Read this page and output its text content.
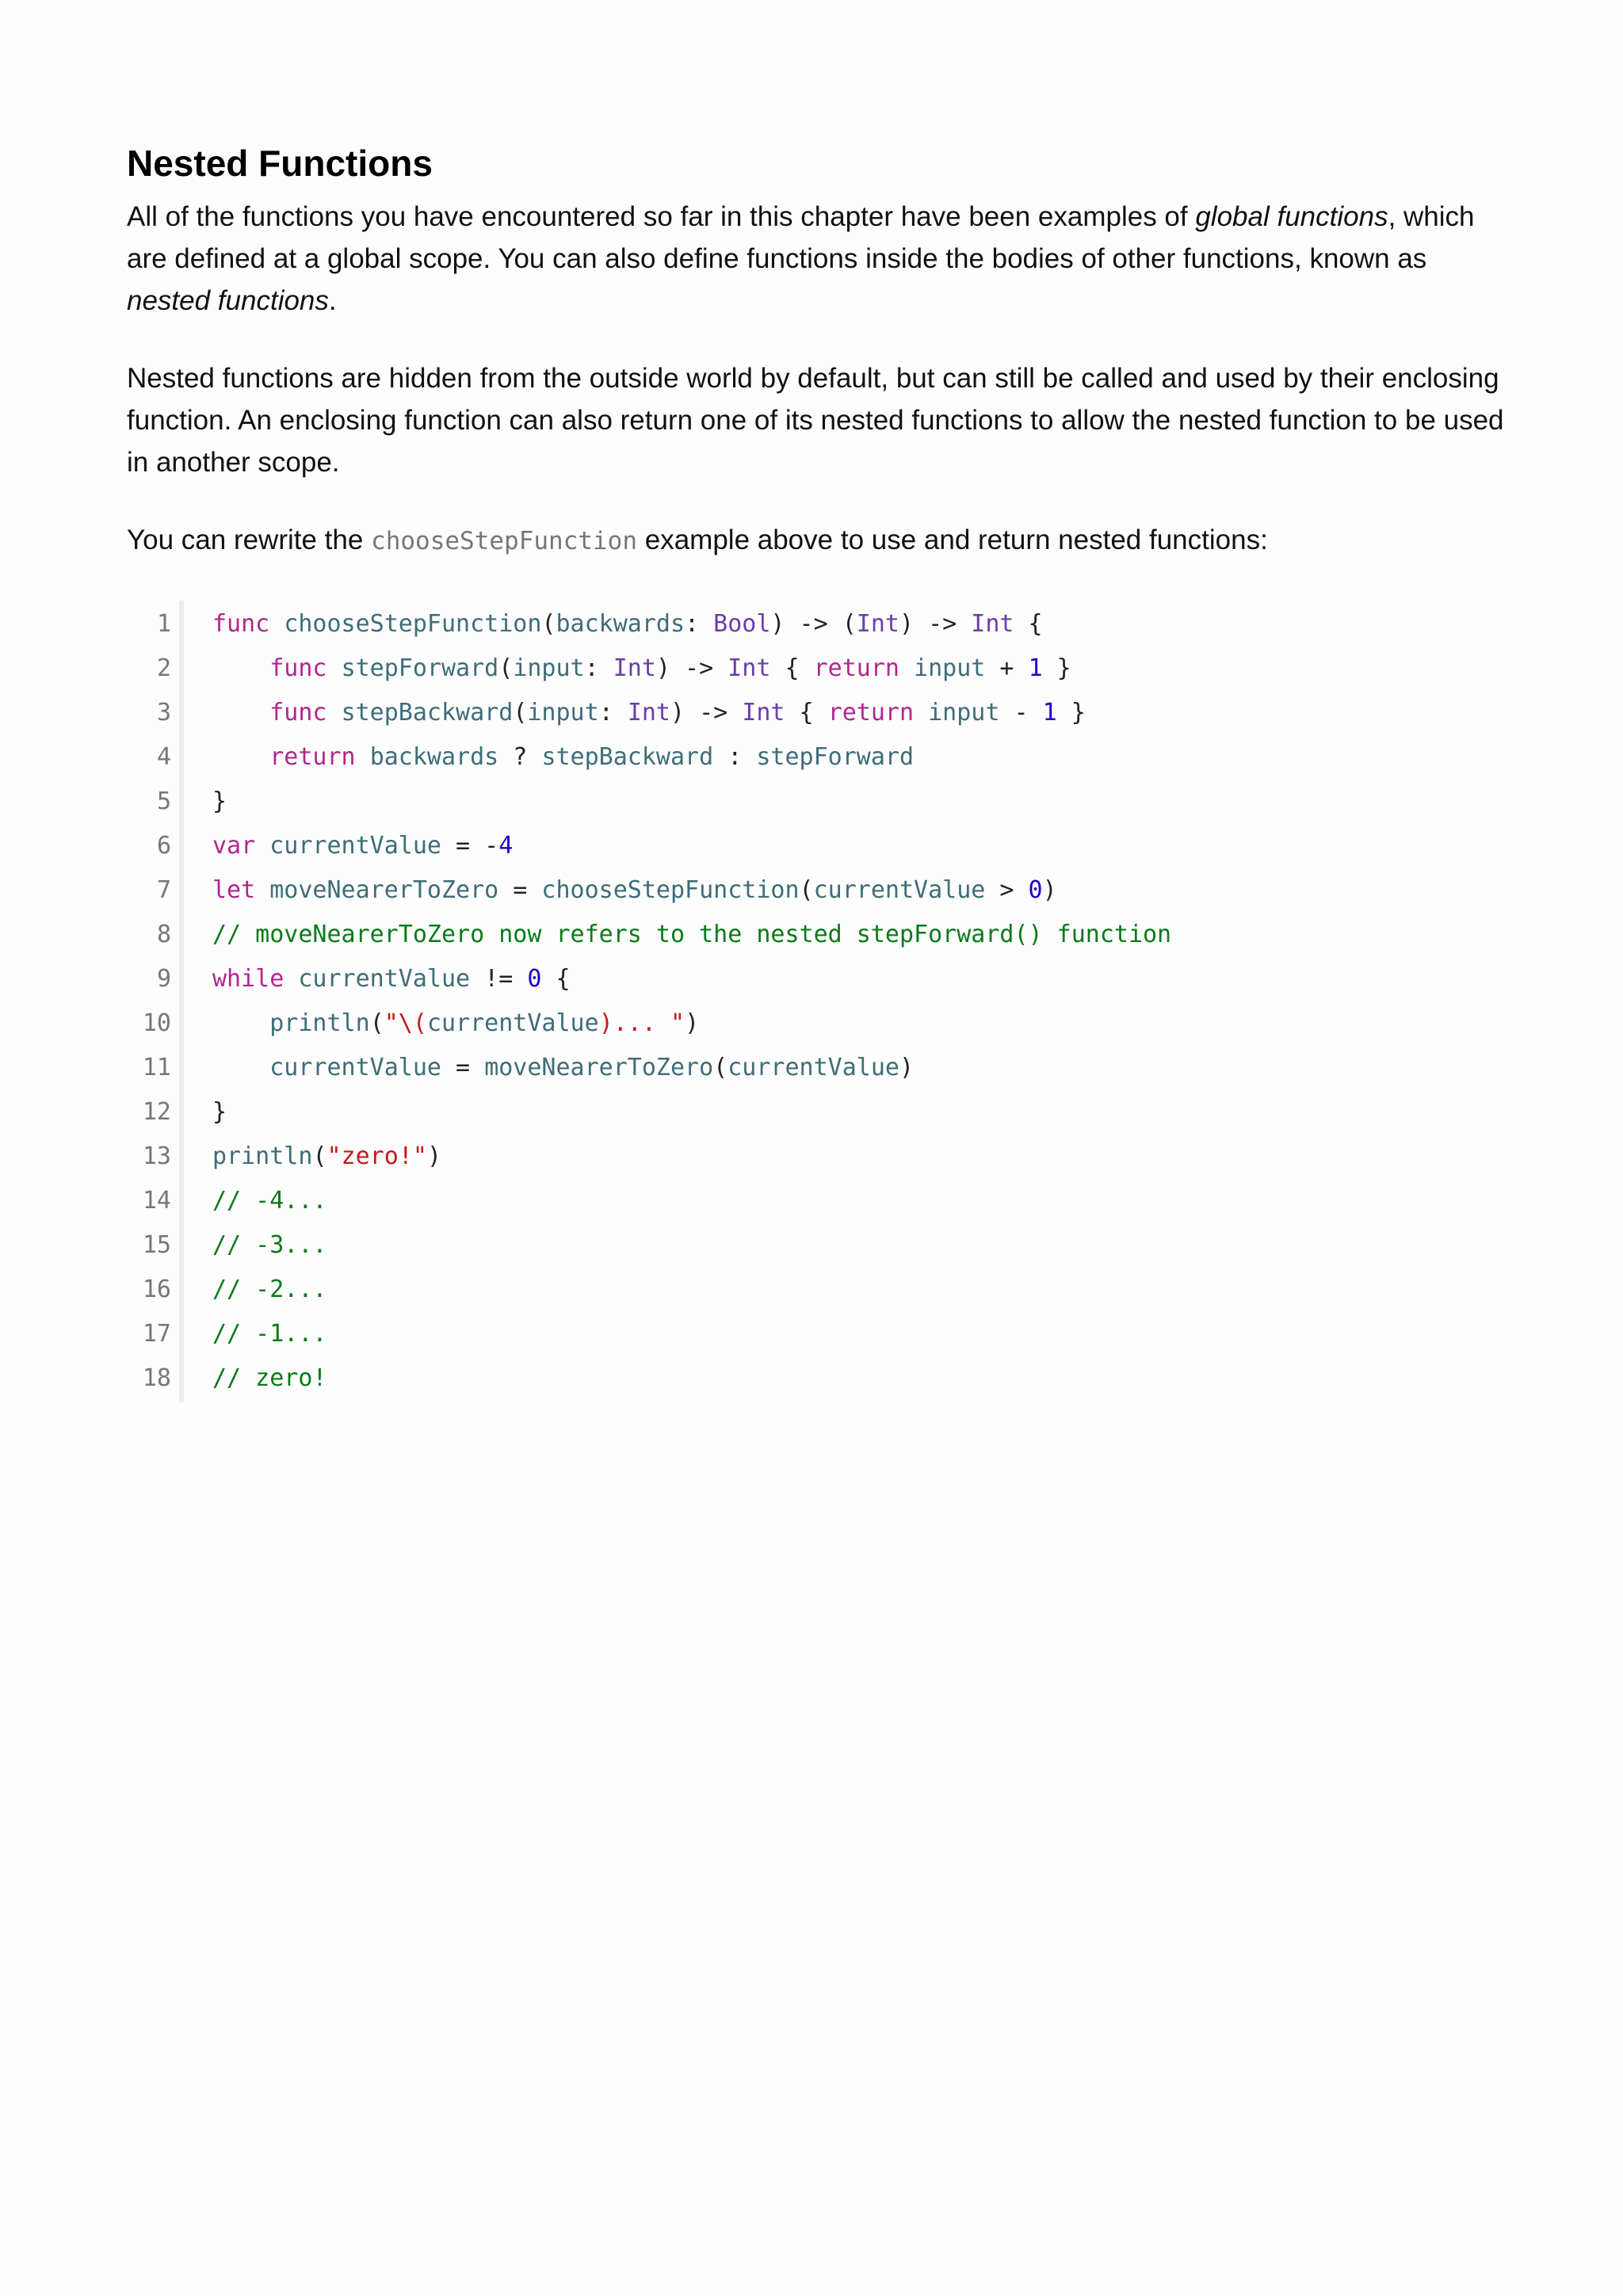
Nested Functions

All of the functions you have encountered so far in this chapter have been examples of global functions, which are defined at a global scope. You can also define functions inside the bodies of other functions, known as nested functions.

Nested functions are hidden from the outside world by default, but can still be called and used by their enclosing function. An enclosing function can also return one of its nested functions to allow the nested function to be used in another scope.

You can rewrite the chooseStepFunction example above to use and return nested functions:

1	func chooseStepFunction(backwards: Bool) -> (Int) -> Int {
2	func stepForward(input: Int) -> Int { return input + 1 }
3	func stepBackward(input: Int) -> Int { return input - 1 }
4	return backwards ? stepBackward : stepForward
5	}
6	var currentValue = -4
7	let moveNearerToZero = chooseStepFunction(currentValue > 0)
8	// moveNearerToZero now refers to the nested stepForward() function
9	while currentValue != 0 {
10	println("\(currentValue)... ")
11	currentValue = moveNearerToZero(currentValue)
12	}
13	println("zero!")
14	// -4...
15	// -3...
16	// -2...
17	// -1...
18	// zero!
